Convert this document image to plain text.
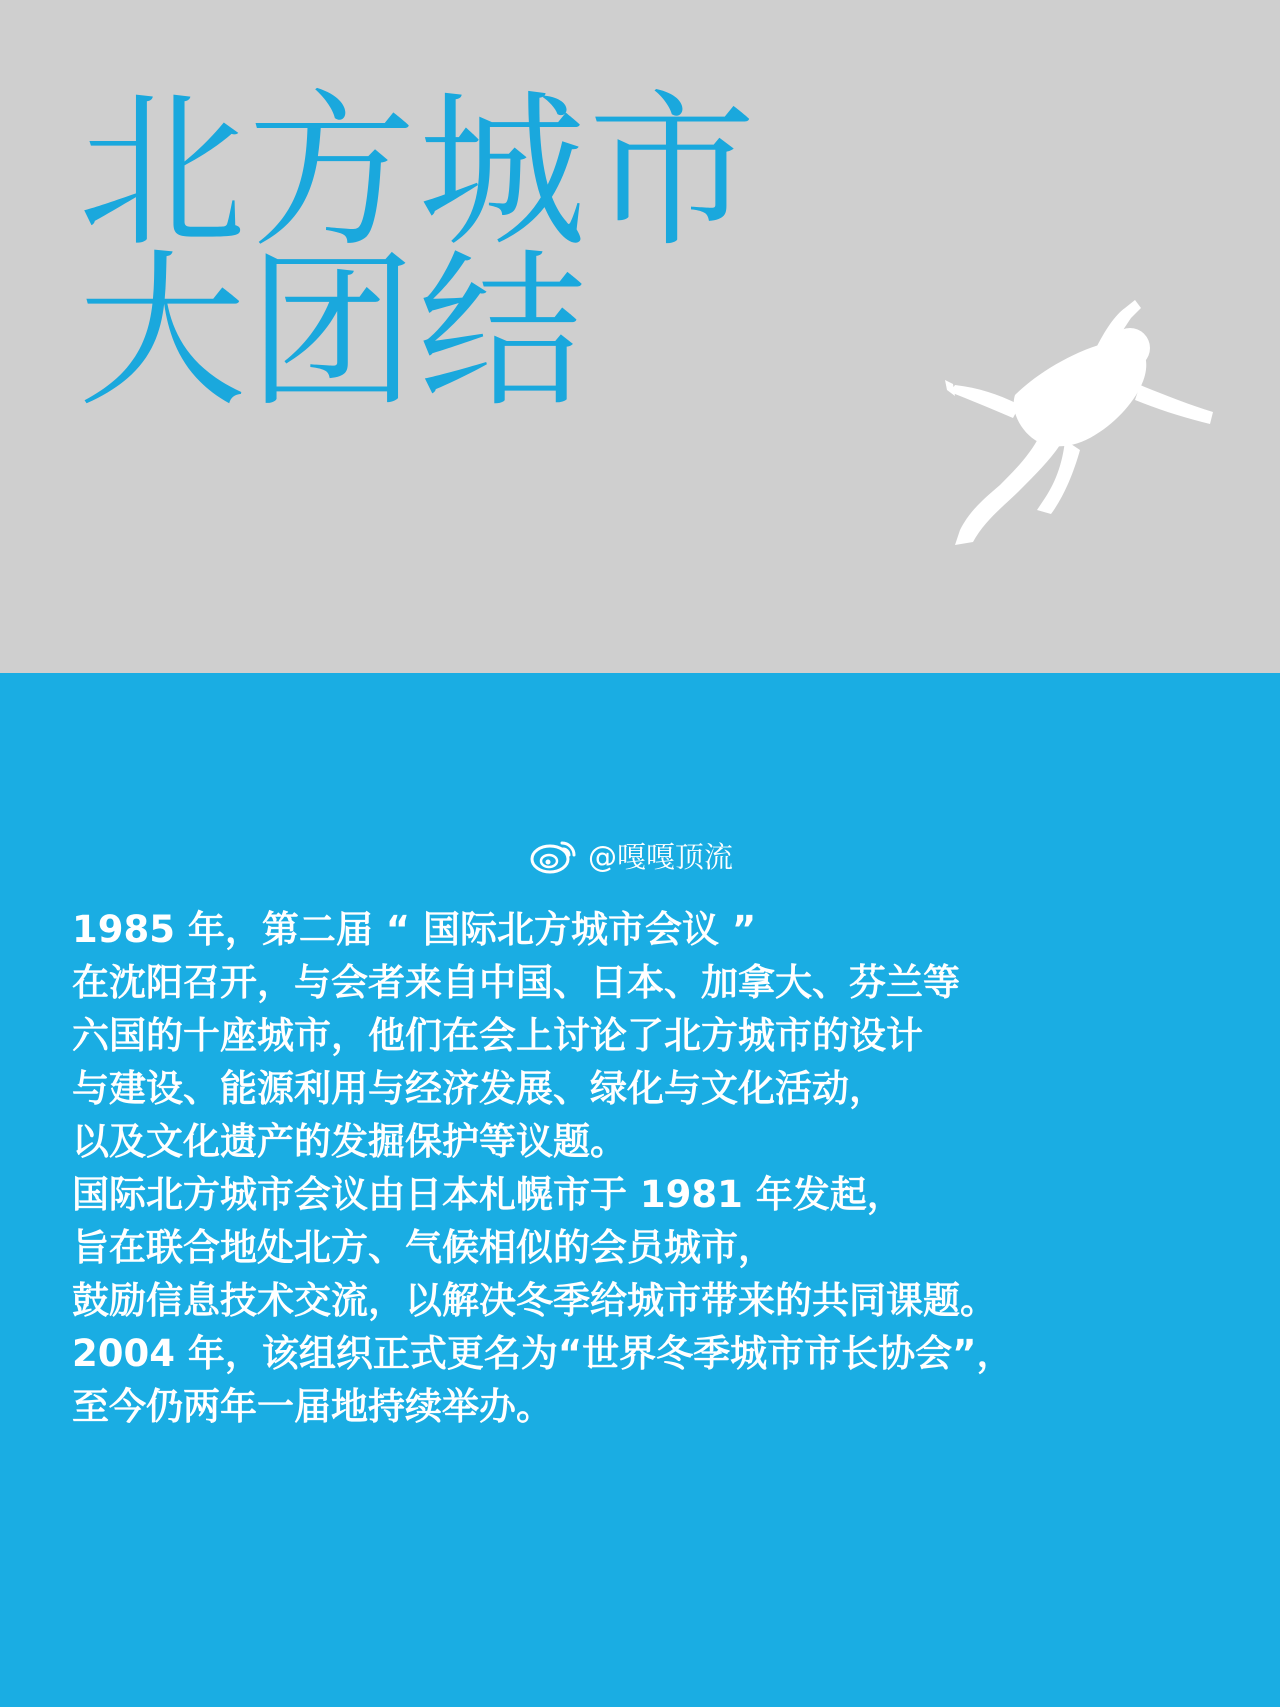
北方城市
大团结
@嘎嘎顶流
1985 年，第二届 “ 国际北方城市会议 ”
在沈阳召开，与会者来自中国、日本、加拿大、芬兰等
六国的十座城市，他们在会上讨论了北方城市的设计
与建设、能源利用与经济发展、绿化与文化活动，
以及文化遗产的发掘保护等议题。
国际北方城市会议由日本札幌市于 1981 年发起，
旨在联合地处北方、气候相似的会员城市，
鼓励信息技术交流，以解决冬季给城市带来的共同课题。
2004 年，该组织正式更名为“世界冬季城市市长协会”，
至今仍两年一届地持续举办。
